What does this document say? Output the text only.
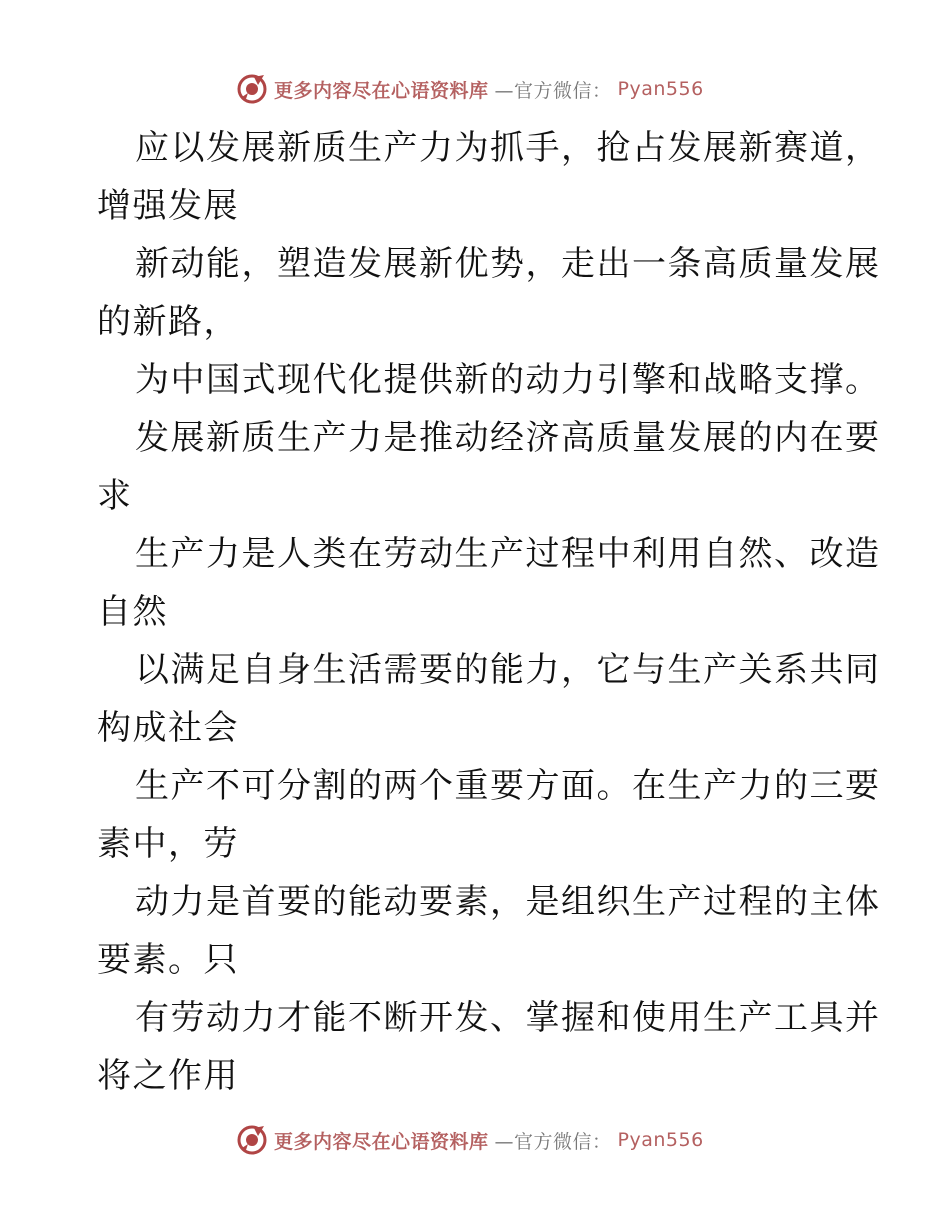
更多内容尽在心语资料库 —官方微信： Pyan556
应以发展新质生产力为抓手，抢占发展新赛道，
增强发展
新动能，塑造发展新优势，走出一条高质量发展
的新路，
为中国式现代化提供新的动力引擎和战略支撑。
发展新质生产力是推动经济高质量发展的内在要
求
生产力是人类在劳动生产过程中利用自然、改造
自然
以满足自身生活需要的能力，它与生产关系共同
构成社会
生产不可分割的两个重要方面。在生产力的三要
素中，劳
动力是首要的能动要素，是组织生产过程的主体
要素。只
有劳动力才能不断开发、掌握和使用生产工具并
将之作用
更多内容尽在心语资料库 —官方微信： Pyan556
